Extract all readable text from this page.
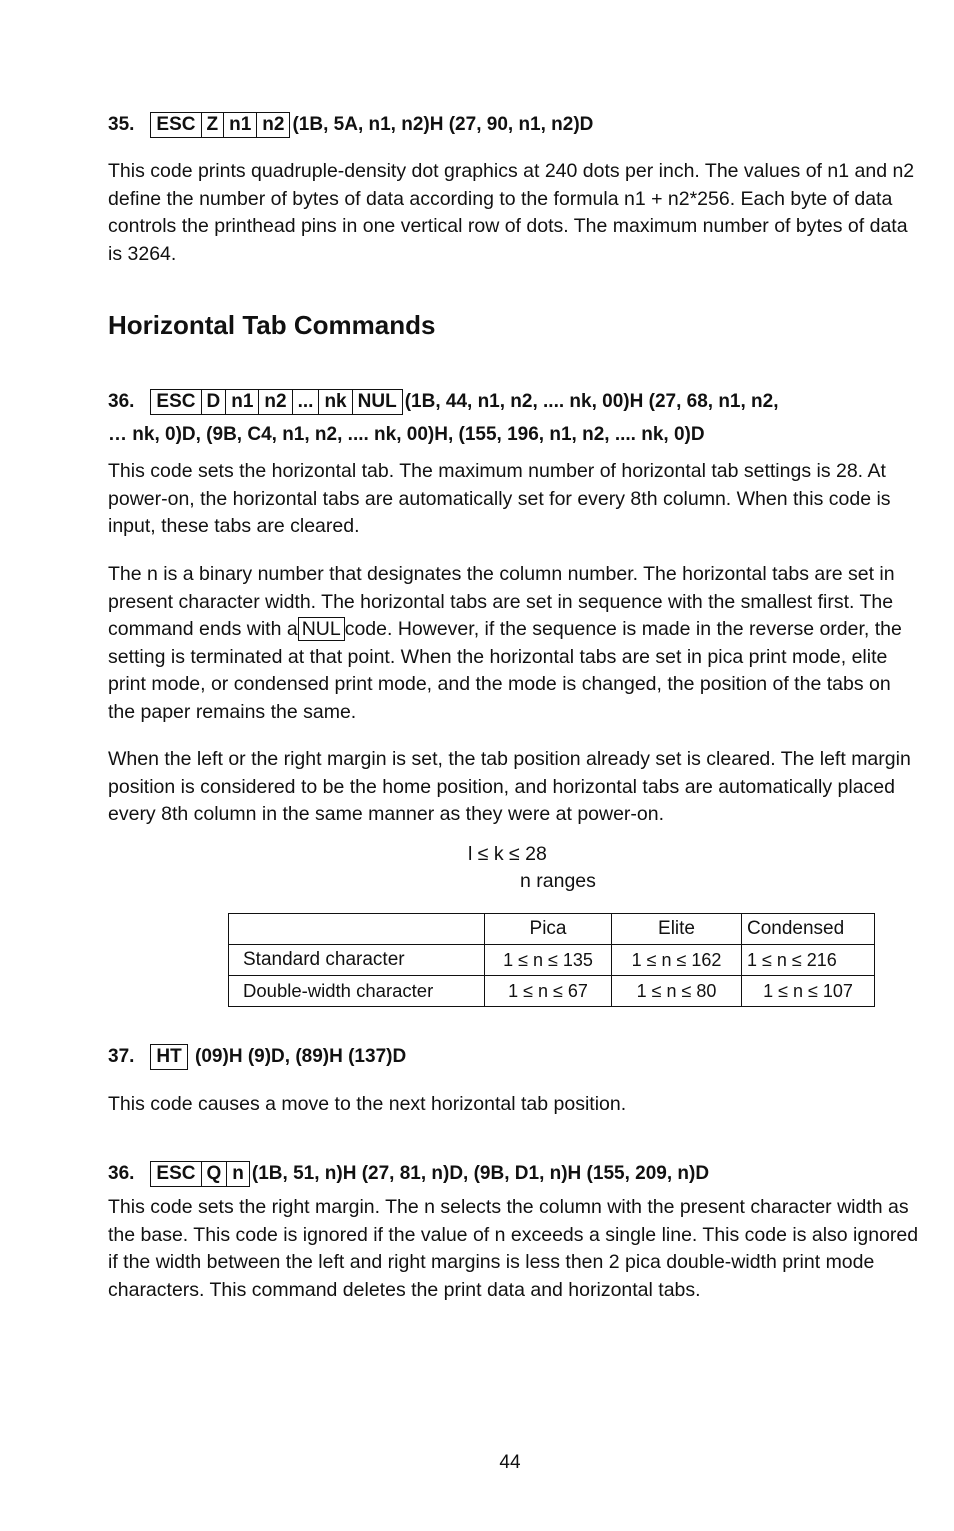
35. ESC Z n1 n2 (1B, 5A, n1, n2)H (27, 90, n1, n2)D

This code prints quadruple-density dot graphics at 240 dots per inch. The values of n1 and n2 define the number of bytes of data according to the formula n1 + n2*256. Each byte of data controls the printhead pins in one vertical row of dots. The maximum number of bytes of data is 3264.

Horizontal Tab Commands
36. ESC D n1 n2 ... nk NUL (1B, 44, n1, n2, .... nk, 00)H (27, 68, n1, n2,
… nk, 0)D, (9B, C4, n1, n2, .... nk, 00)H, (155, 196, n1, n2, .... nk, 0)D

This code sets the horizontal tab. The maximum number of horizontal tab settings is 28. At power-on, the horizontal tabs are automatically set for every 8th column. When this code is input, these tabs are cleared.

The n is a binary number that designates the column number. The horizontal tabs are set in present character width. The horizontal tabs are set in sequence with the smallest first. The command ends with a NUL code. However, if the sequence is made in the reverse order, the setting is terminated at that point. When the horizontal tabs are set in pica print mode, elite print mode, or condensed print mode, and the mode is changed, the position of the tabs on the paper remains the same.

When the left or the right margin is set, the tab position already set is cleared. The left margin position is considered to be the home position, and horizontal tabs are automatically placed every 8th column in the same manner as they were at power-on.

l ≤ k ≤ 28
n ranges
	Pica	Elite	Condensed
Standard character	1 ≤ n ≤ 135	1 ≤ n ≤ 162	1 ≤ n ≤ 216
Double-width character	1 ≤ n ≤ 67	1 ≤ n ≤ 80	1 ≤ n ≤ 107
37. HT (09)H (9)D, (89)H (137)D

This code causes a move to the next horizontal tab position.

36. ESC Q n (1B, 51, n)H (27, 81, n)D, (9B, D1, n)H (155, 209, n)D

This code sets the right margin. The n selects the column with the present character width as the base. This code is ignored if the value of n exceeds a single line. This code is also ignored if the width between the left and right margins is less then 2 pica double-width print mode characters. This command deletes the print data and horizontal tabs.

44
